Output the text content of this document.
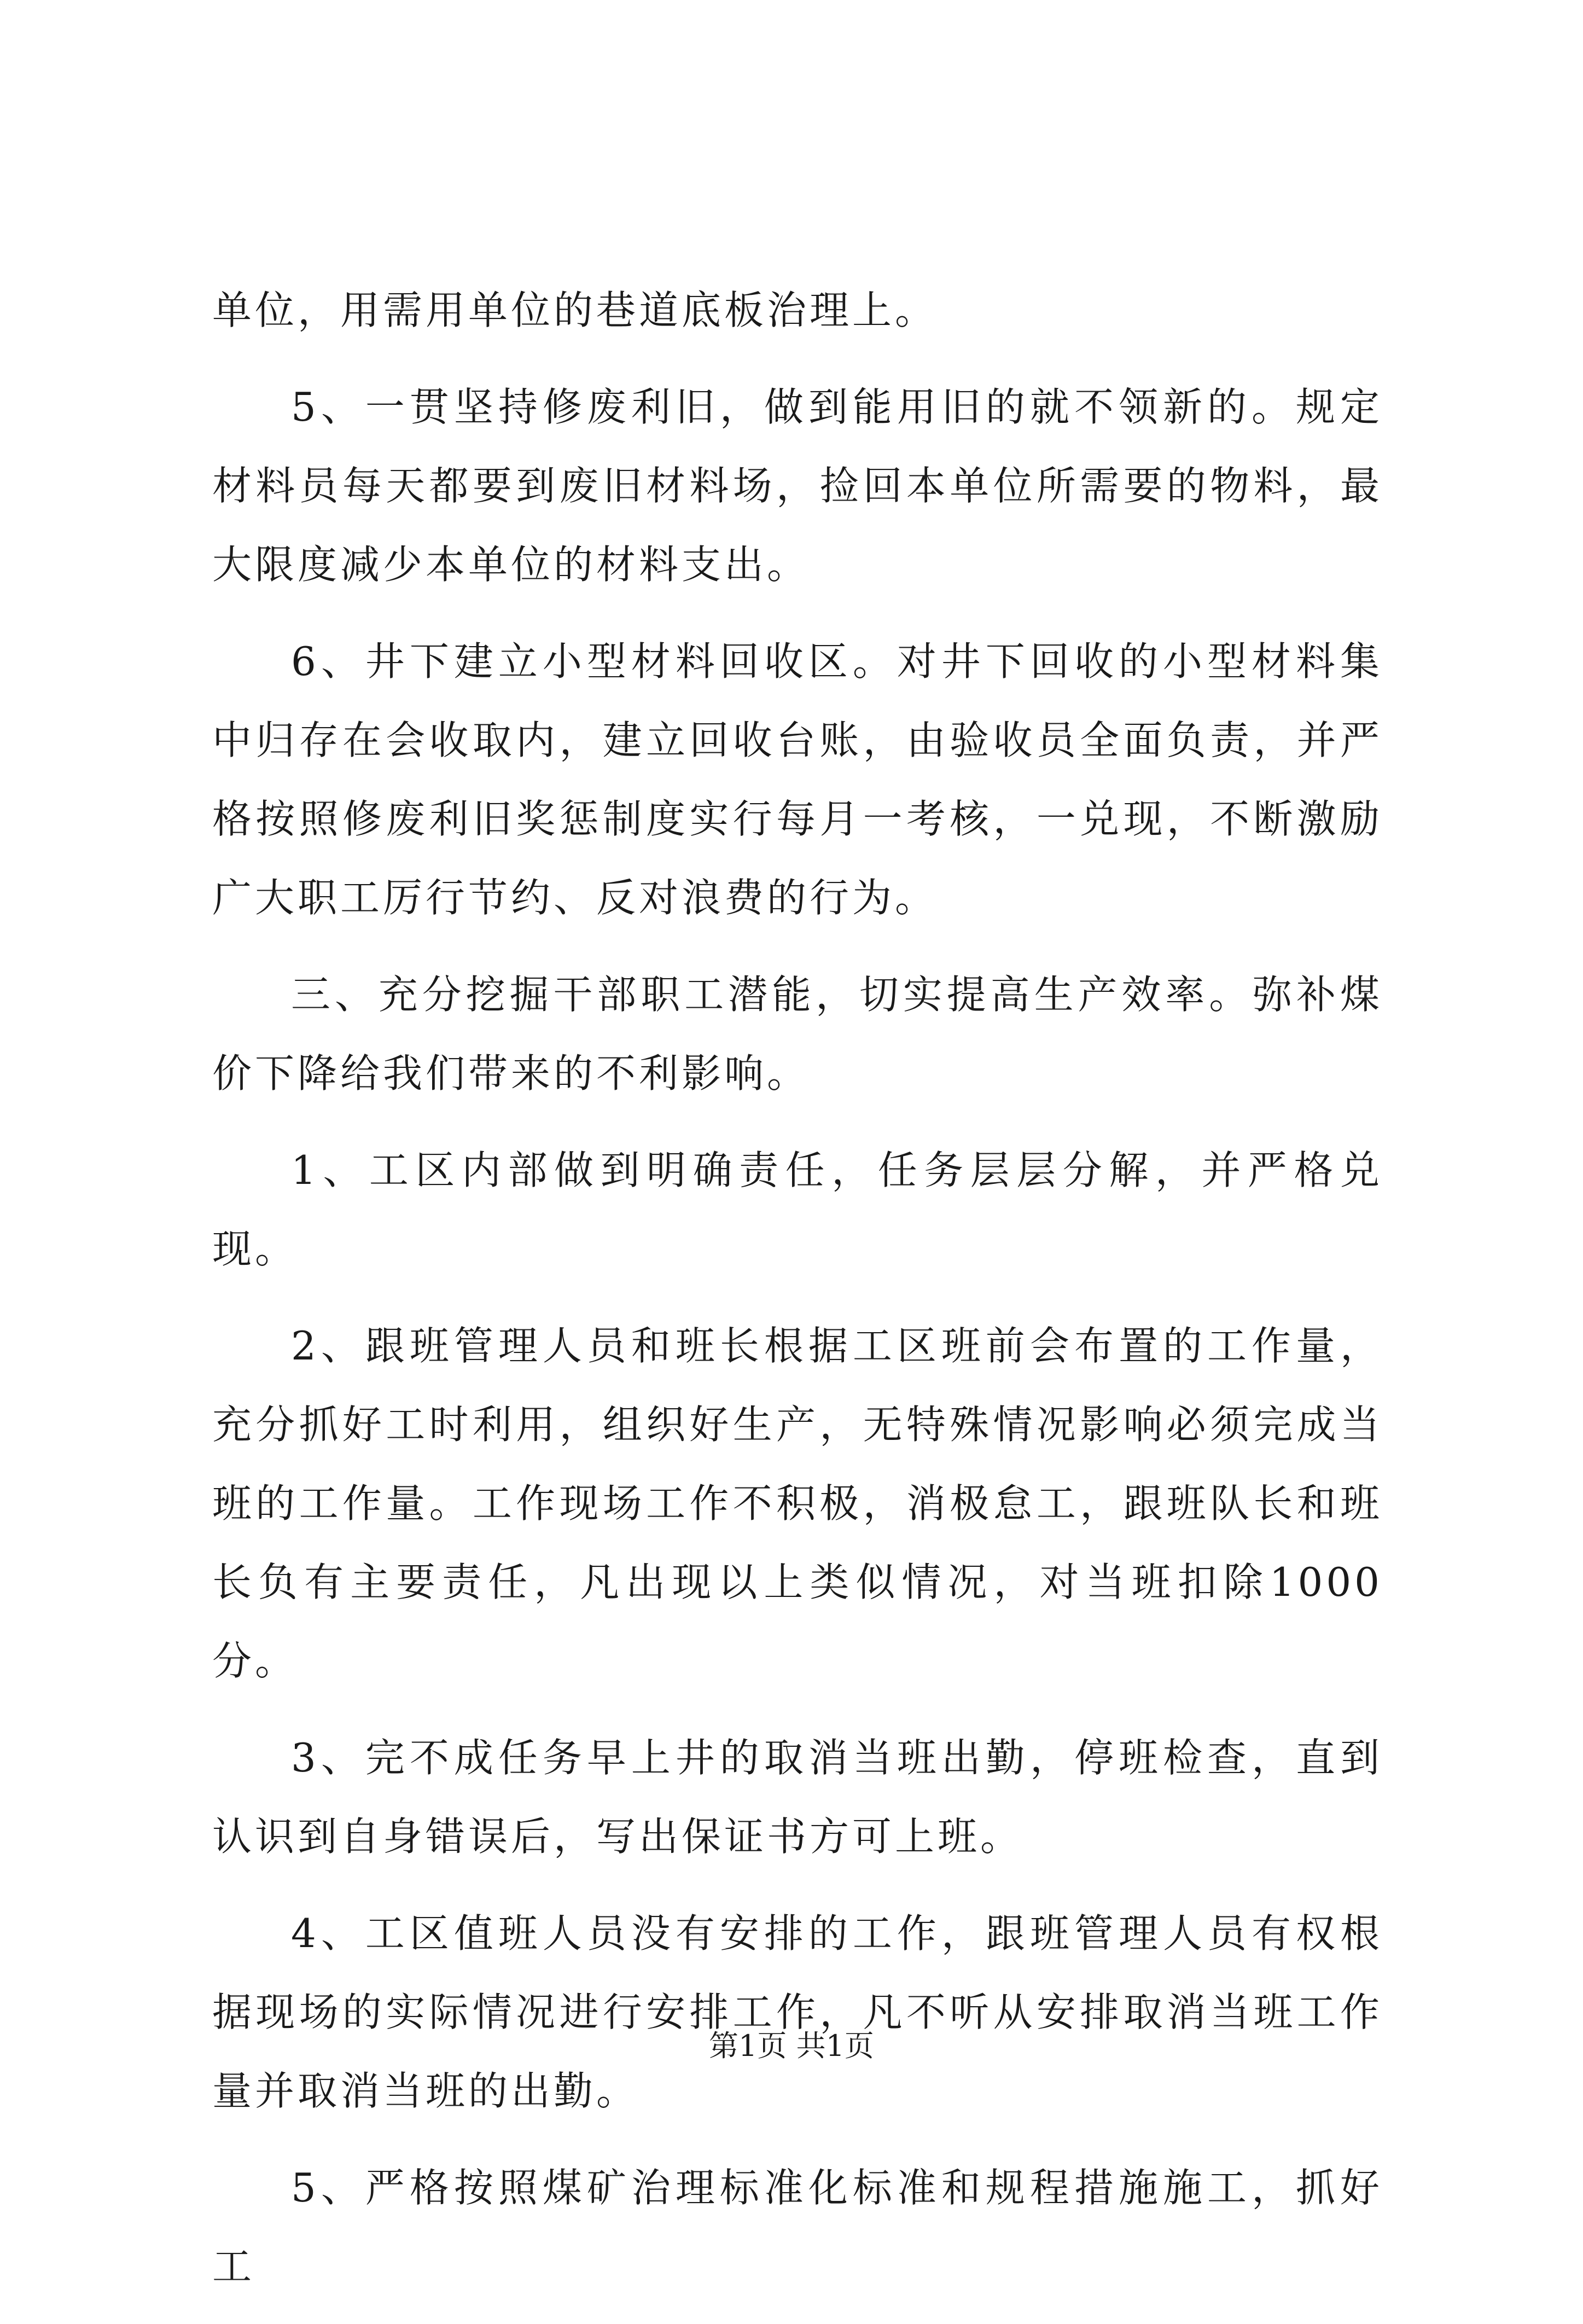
单位，用需用单位的巷道底板治理上。

5、一贯坚持修废利旧，做到能用旧的就不领新的。规定材料员每天都要到废旧材料场，捡回本单位所需要的物料，最大限度减少本单位的材料支出。

6、井下建立小型材料回收区。对井下回收的小型材料集中归存在会收取内，建立回收台账，由验收员全面负责，并严格按照修废利旧奖惩制度实行每月一考核，一兑现，不断激励广大职工厉行节约、反对浪费的行为。

三、充分挖掘干部职工潜能，切实提高生产效率。弥补煤价下降给我们带来的不利影响。

1、工区内部做到明确责任，任务层层分解，并严格兑现。

2、跟班管理人员和班长根据工区班前会布置的工作量，充分抓好工时利用，组织好生产，无特殊情况影响必须完成当班的工作量。工作现场工作不积极，消极怠工，跟班队长和班长负有主要责任，凡出现以上类似情况，对当班扣除1000分。

3、完不成任务早上井的取消当班出勤，停班检查，直到认识到自身错误后，写出保证书方可上班。

4、工区值班人员没有安排的工作，跟班管理人员有权根据现场的实际情况进行安排工作，凡不听从安排取消当班工作量并取消当班的出勤。

5、严格按照煤矿治理标准化标准和规程措施施工，抓好工

第1页 共1页
